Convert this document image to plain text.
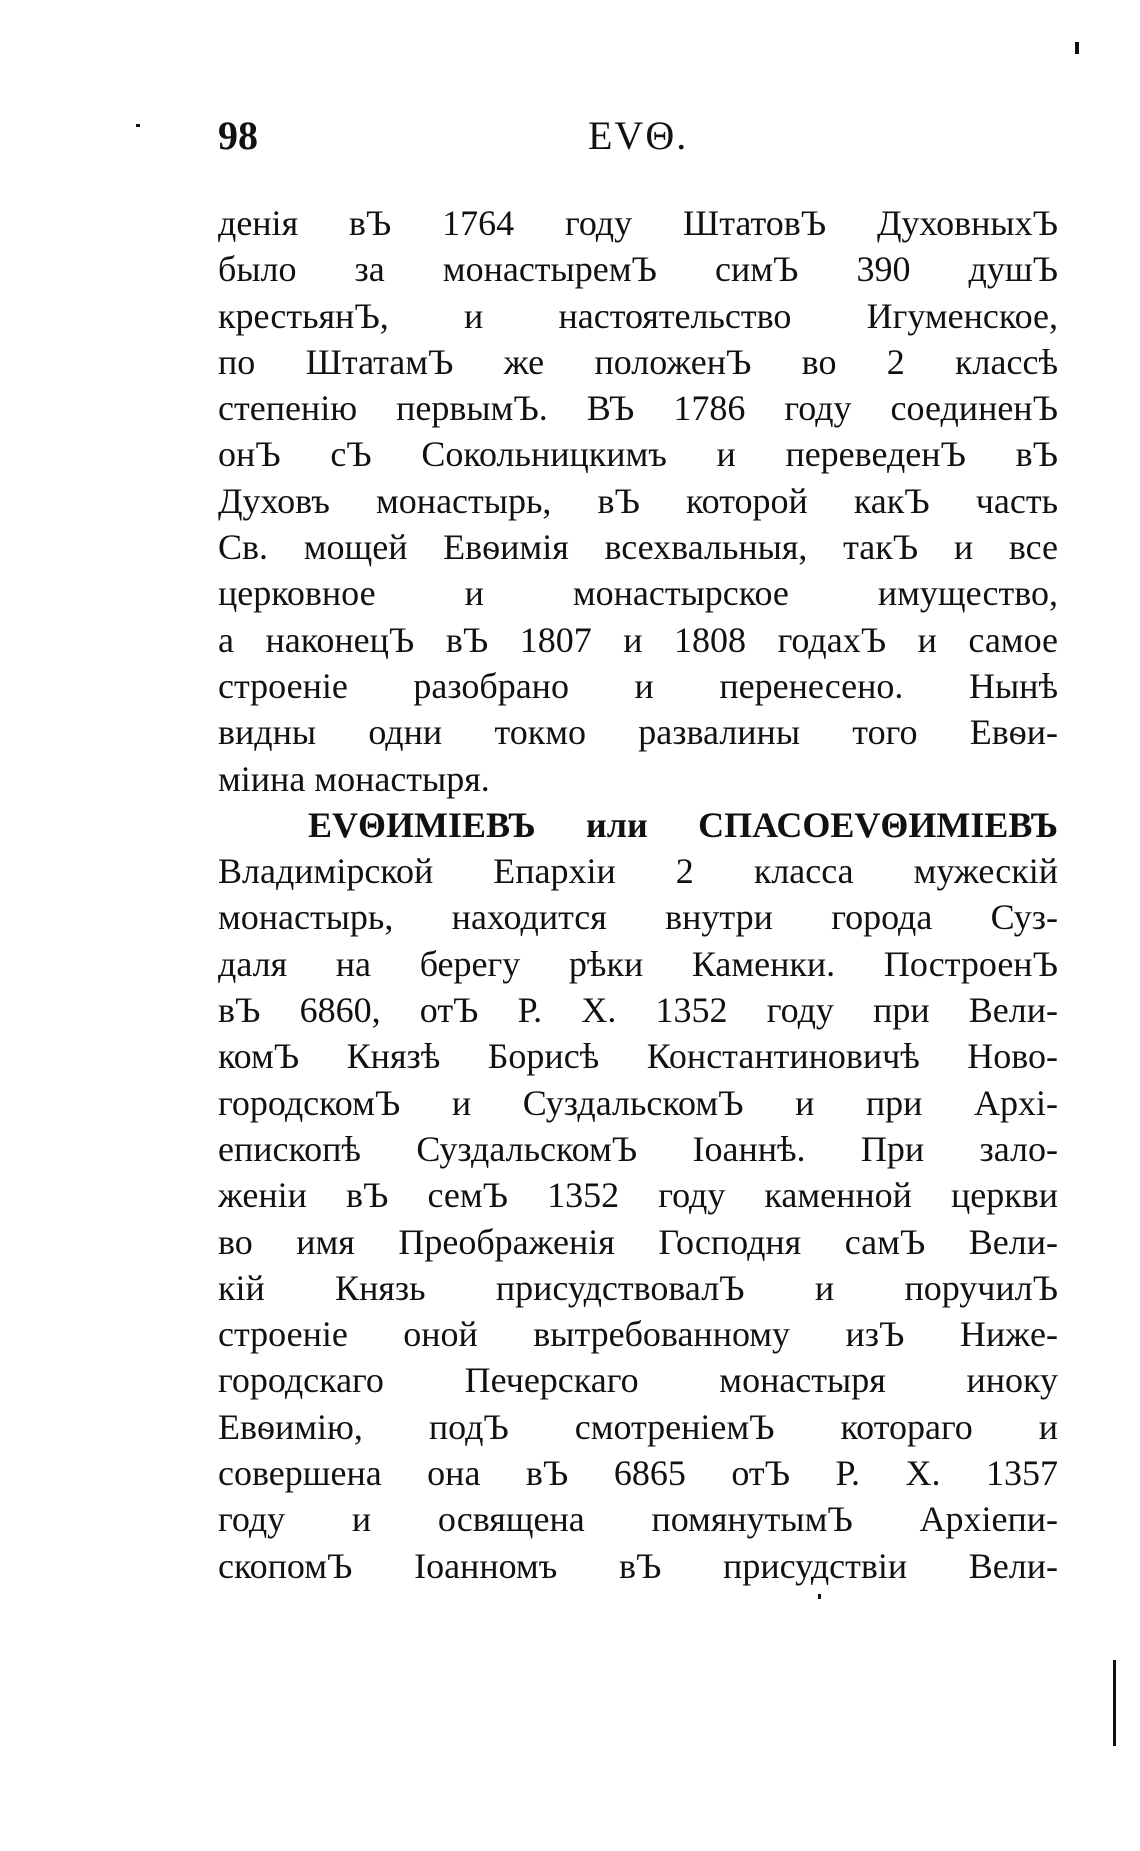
98	EVΘ.
денія вЪ 1764 году ШтатовЪ ДуховныхЪ
было за монастыремЪ симЪ 390 душЪ
крестьянЪ, и настоятельство Игуменское,
по ШтатамЪ же положенЪ во 2 классѣ
степенію первымЪ. ВЪ 1786 году соединенЪ
онЪ сЪ Сокольницкимъ и переведенЪ вЪ
Духовъ монастырь, вЪ которой какЪ часть
Св. мощей Евѳимія всехвальныя, такЪ и все
церковное и монастырское имущество,
а наконецЪ вЪ 1807 и 1808 годахЪ и самое
строеніе разобрано и перенесено. Нынѣ
видны одни токмо развалины того Евѳи-
міина монастыря.
EVΘИМІЕВЪ или СПАСОЕVΘИМІЕВЪ
Владимірской Епархіи 2 класса мужескій
монастырь, находится внутри города Суз-
даля на берегу рѣки Каменки. ПостроенЪ
вЪ 6860, отЪ Р. Х. 1352 году при Вели-
комЪ Князѣ Борисѣ Константиновичѣ Ново-
городскомЪ и СуздальскомЪ и при Архі-
епископѣ СуздальскомЪ Іоаннѣ. При зало-
женіи вЪ семЪ 1352 году каменной церкви
во имя Преображенія Господня самЪ Вели-
кій Князь присудствовалЪ и поручилЪ
строеніе оной вытребованному изЪ Нижe-
городскаго Печерскаго монастыря иноку
Евѳимію, подЪ смотреніемЪ котораго и
совершена она вЪ 6865 отЪ Р. Х. 1357
году и освящена помянутымЪ Архіепи-
скопомЪ Іоанномъ вЪ присудствіи Вели-
